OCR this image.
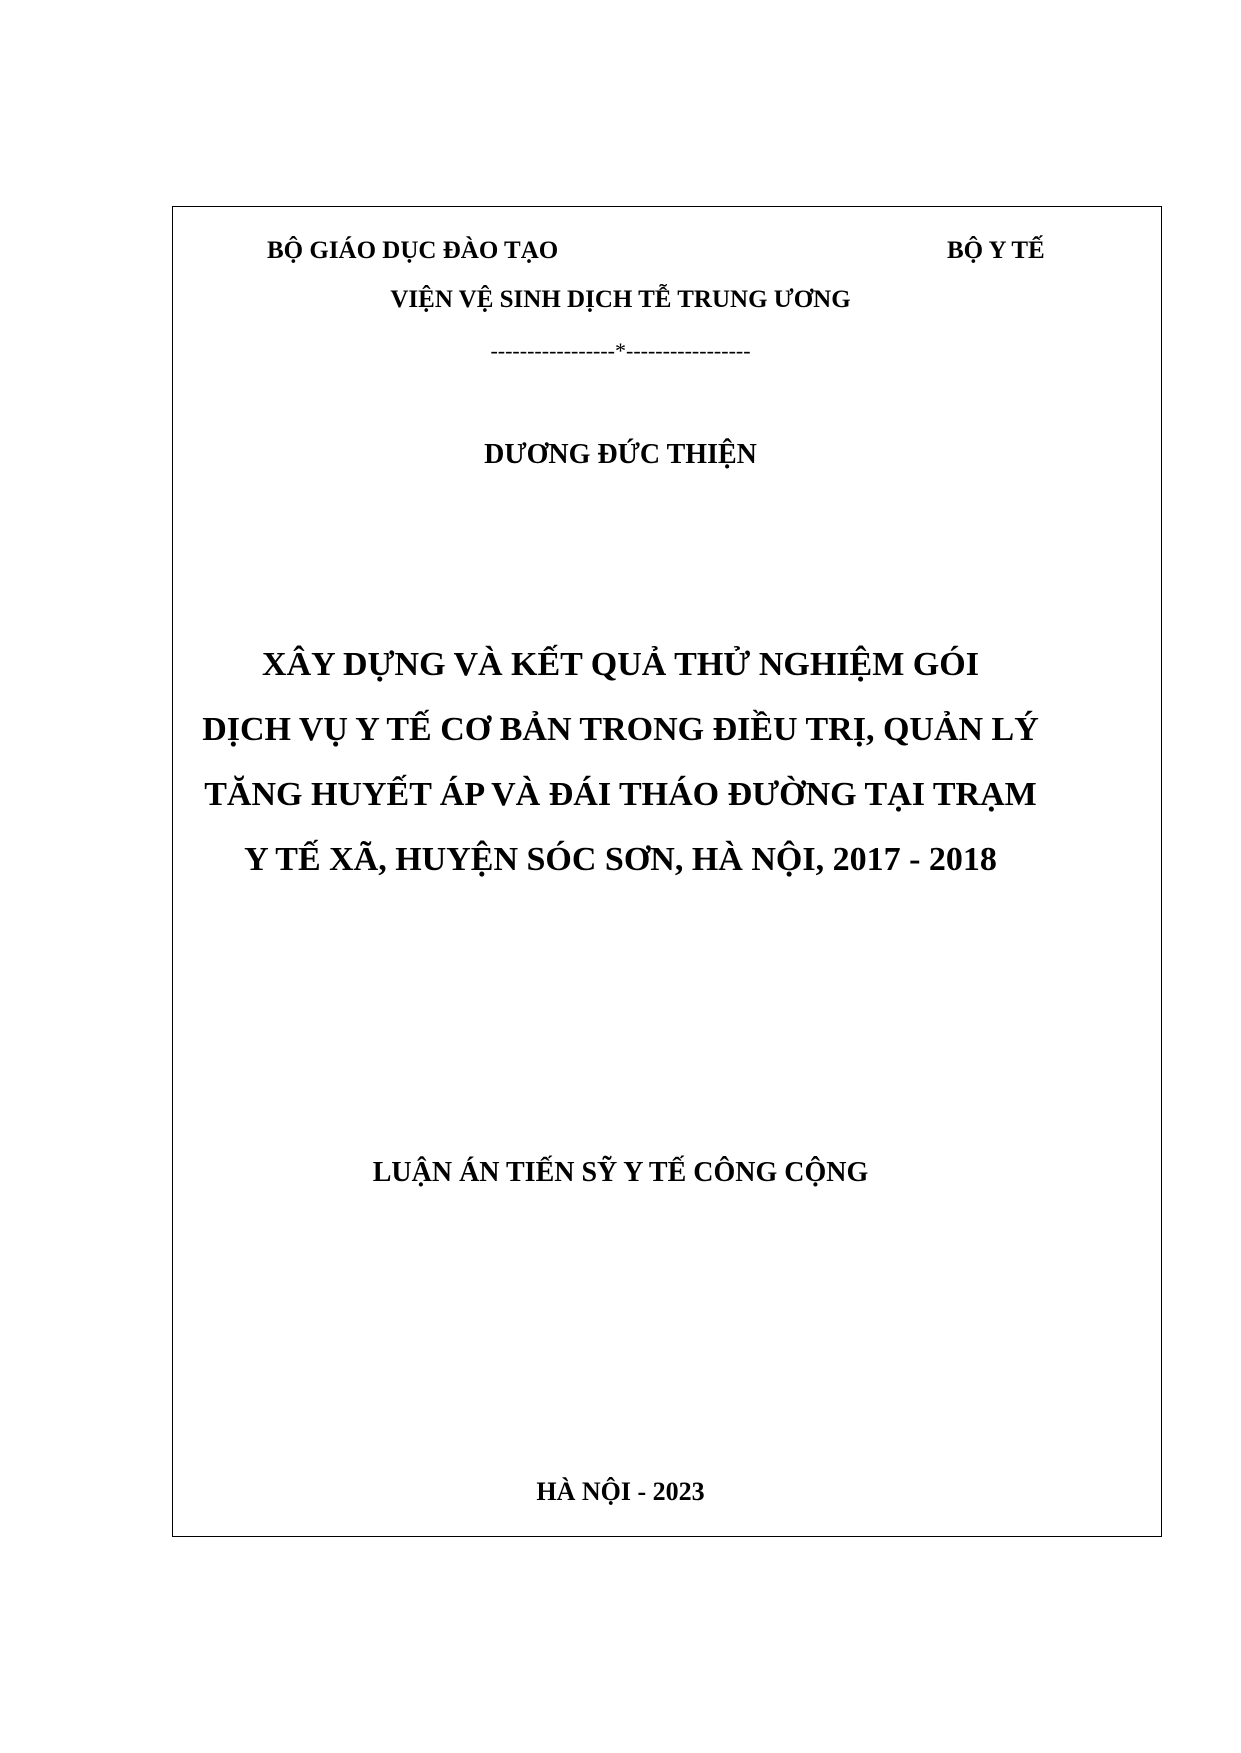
BỘ GIÁO DỤC ĐÀO TẠO	BỘ Y TẾ
VIỆN VỆ SINH DỊCH TỄ TRUNG ƯƠNG
-----------------*-----------------
DƯƠNG ĐỨC THIỆN
XÂY DỰNG VÀ KẾT QUẢ THỬ NGHIỆM GÓI
DỊCH VỤ Y TẾ CƠ BẢN TRONG ĐIỀU TRỊ, QUẢN LÝ
TĂNG HUYẾT ÁP VÀ ĐÁI THÁO ĐƯỜNG TẠI TRẠM
Y TẾ XÃ, HUYỆN SÓC SƠN, HÀ NỘI, 2017 - 2018
LUẬN ÁN TIẾN SỸ Y TẾ CÔNG CỘNG
HÀ NỘI - 2023
